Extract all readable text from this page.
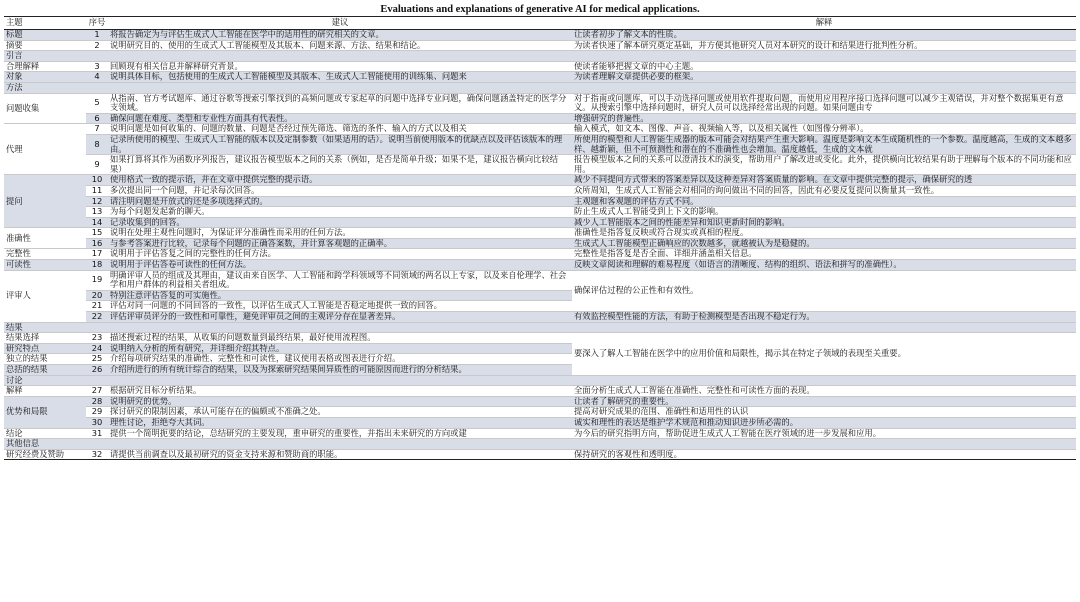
Evaluations and explanations of generative AI for medical applications.
主题	序号	建议	解释
标题	1	将报告确定为与评估生成式人工智能在医学中的适用性的研究相关的文章。	让读者初步了解文本的性质。
摘要	2	说明研究目的、使用的生成式人工智能模型及其版本、问题来源、方法、结果和结论。	为读者快速了解本研究奠定基础，并方便其他研究人员对本研究的设计和结果进行批判性分析。
引言			
合理解释	3	回顾现有相关信息并解释研究背景。	使读者能够把握文章的中心主题。
对象	4	说明具体目标，包括使用的生成式人工智能模型及其版本、生成式人工智能使用的训练集、问题来	为读者理解文章提供必要的框架。
方法			
问题收集	5	从指南、官方考试题库、通过谷歌等搜索引擎找到的高频问题或专家起草的问题中选择专业问题，确保问题涵盖特定的医学分支领域。	对于指南或问题库，可以手动选择问题或使用软件提取问题，而使用应用程序接口选择问题可以减少主观错误，并对整个数据集更有意义。从搜索引擎中选择问题时，研究人员可以选择经常出现的问题。如果问题由专
	6	确保问题在难度、类型和专业性方面具有代表性。	增强研究的普遍性。
代理	7	说明问题是如何收集的、问题的数量、问题是否经过预先筛选、筛选的条件、输入的方式以及相关	输入模式，如文本、图像、声音、视频输入等，以及相关属性（如图像分辨率）。
	8	记录所使用的模型、生成式人工智能的版本以及定制参数（如果适用的话）。说明当前使用版本的优缺点以及评估该版本的理由。	所使用的模型和人工智能生成器的版本可能会对结果产生重大影响。温度是影响文本生成随机性的一个参数。温度越高，生成的文本越多样、越新颖，但不可预测性和潜在的不准确性也会增加。温度越低，生成的文本就
	9	如果打算将其作为函数序列报告，建议报告模型版本之间的关系（例如，是否是简单升级；如果不是，建议报告横向比较结果）	报告模型版本之间的关系可以澄清技术的演变，帮助用户了解改进或变化。此外，提供横向比较结果有助于理解每个版本的不同功能和应用。
提问	10	使用格式一致的提示语，并在文章中提供完整的提示语。	减少不同提问方式带来的答案差异以及这种差异对答案质量的影响。在文章中提供完整的提示，确保研究的透
	11	多次提出同一个问题，并记录每次回答。	众所周知，生成式人工智能会对相同的询问做出不同的回答，因此有必要反复提问以衡量其一致性。
	12	请注明问题是开放式的还是多项选择式的。	主观题和客观题的评估方式不同。
	13	为每个问题发起新的聊天。	防止生成式人工智能受到上下文的影响。
	14	记录收集到的回答。	减少人工智能版本之间的性能差异和知识更新时间的影响。
准确性	15	说明在处理主观性问题时，为保证评分准确性而采用的任何方法。	准确性是指答复反映或符合现实或真相的程度。
	16	与参考答案进行比较，记录每个问题的正确答案数，并计算客观题的正确率。	生成式人工智能模型正确响应的次数越多，就越被认为是稳健的。
完整性	17	说明用于评估答复之间的完整性的任何方法。	完整性是指答复是否全面、详细并涵盖相关信息。
可读性	18	说明用于评估答卷可读性的任何方法。	反映文章阅读和理解的难易程度（如语言的清晰度、结构的组织、语法和拼写的准确性）。
评审人	19	明确评审人员的组成及其理由，建议由来自医学、人工智能和跨学科领域等不同领域的两名以上专家，以及来自伦理学、社会学和用户群体的利益相关者组成。	确保评估过程的公正性和有效性。
	20	特别注意评估答复的可实施性。	
	21	评估对同一问题的不同回答的一致性，以评估生成式人工智能是否稳定地提供一致的回答。	
	22	评估评审员评分的一致性和可靠性，避免评审员之间的主观评分存在显著差异。	有效监控模型性能的方法，有助于检测模型是否出现不稳定行为。
结果			
结果选择	23	描述搜索过程的结果，从收集的问题数量到最终结果，最好使用流程图。	要深入了解人工智能在医学中的应用价值和局限性，揭示其在特定子领域的表现至关重要。
研究特点	24	说明纳入分析的所有研究，并详细介绍其特点。	
独立的结果	25	介绍每项研究结果的准确性、完整性和可读性，建议使用表格或图表进行介绍。	
总括的结果	26	介绍所进行的所有统计综合的结果，以及为探索研究结果间异质性的可能原因而进行的分析结果。	
讨论			
解释	27	根据研究目标分析结果。	全面分析生成式人工智能在准确性、完整性和可读性方面的表现。
优势和局限	28	说明研究的优势。	让读者了解研究的重要性。
	29	探讨研究的限制因素，承认可能存在的偏颇或不准确之处。	提高对研究成果的范围、准确性和适用性的认识
	30	理性讨论，拒绝夸大其词。	诚实和理性的表达是维护学术规范和推动知识进步所必需的。
结论	31	提供一个简明扼要的结论，总结研究的主要发现，重申研究的重要性，并指出未来研究的方向或建	为今后的研究指明方向，帮助促进生成式人工智能在医疗领域的进一步发展和应用。
其他信息			
研究经费及赞助	32	请提供当前调查以及最初研究的资金支持来源和赞助商的职能。	保持研究的客观性和透明度。
